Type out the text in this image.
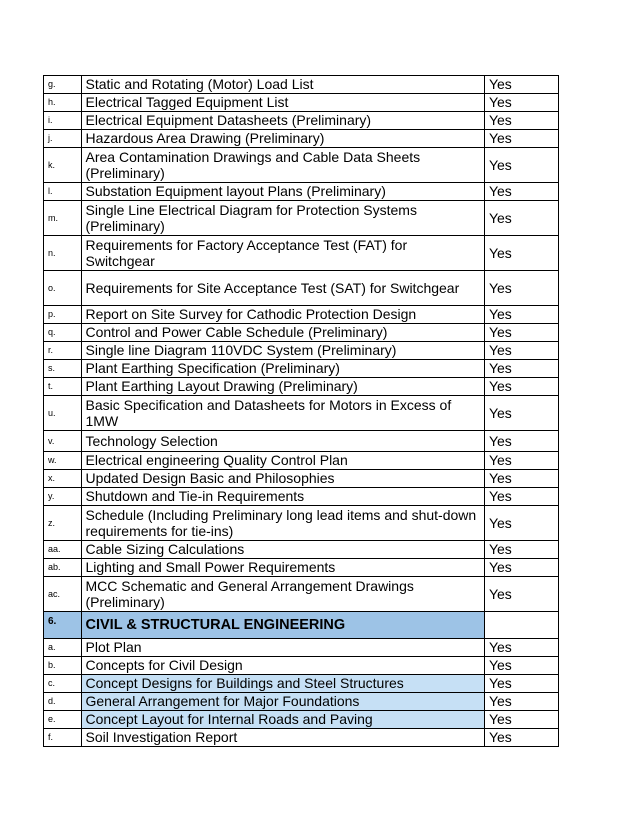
g.	Static and Rotating (Motor) Load List	Yes
h.	Electrical Tagged Equipment List	Yes
i.	Electrical Equipment Datasheets (Preliminary)	Yes
j.	Hazardous Area Drawing (Preliminary)	Yes
k.	Area Contamination Drawings and Cable Data Sheets (Preliminary)	Yes
l.	Substation Equipment layout Plans (Preliminary)	Yes
m.	Single Line Electrical Diagram for Protection Systems (Preliminary)	Yes
n.	Requirements for Factory Acceptance Test (FAT) for Switchgear	Yes
o.	Requirements for Site Acceptance Test (SAT) for Switchgear	Yes
p.	Report on Site Survey for Cathodic Protection Design	Yes
q.	Control and Power Cable Schedule (Preliminary)	Yes
r.	Single line Diagram 110VDC System (Preliminary)	Yes
s.	Plant Earthing Specification (Preliminary)	Yes
t.	Plant Earthing Layout Drawing (Preliminary)	Yes
u.	Basic Specification and Datasheets for Motors in Excess of 1MW	Yes
v.	Technology Selection	Yes
w.	Electrical engineering Quality Control Plan	Yes
x.	Updated Design Basic and Philosophies	Yes
y.	Shutdown and Tie-in Requirements	Yes
z.	Schedule (Including Preliminary long lead items and shut-down requirements for tie-ins)	Yes
aa.	Cable Sizing Calculations	Yes
ab.	Lighting and Small Power Requirements	Yes
ac.	MCC Schematic and General Arrangement Drawings (Preliminary)	Yes
6.	CIVIL & STRUCTURAL ENGINEERING	
a.	Plot Plan	Yes
b.	Concepts for Civil Design	Yes
c.	Concept Designs for Buildings and Steel Structures	Yes
d.	General Arrangement for Major Foundations	Yes
e.	Concept Layout for Internal Roads and Paving	Yes
f.	Soil Investigation Report	Yes
